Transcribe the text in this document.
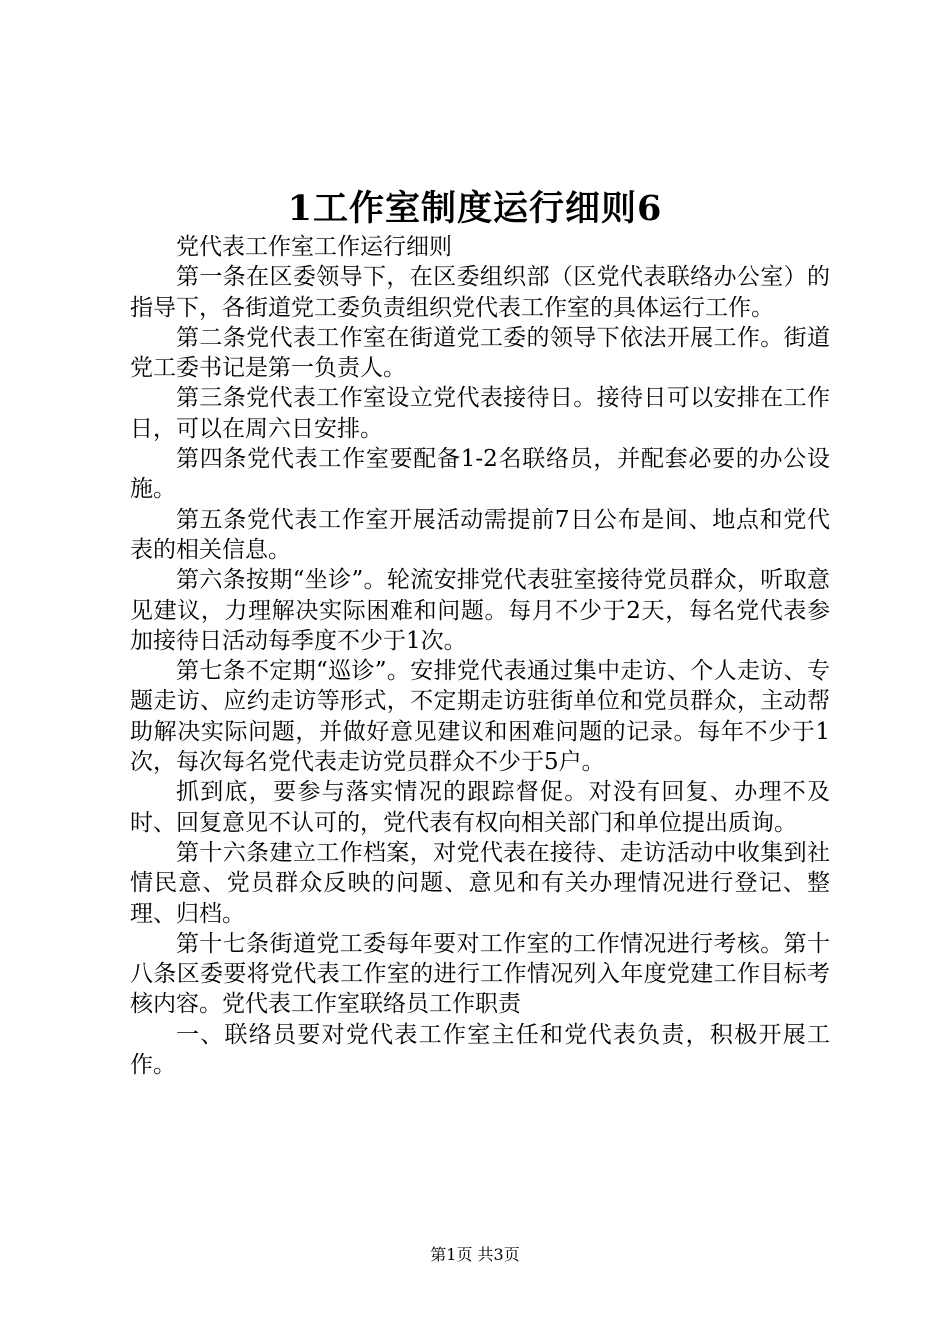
1工作室制度运行细则6

党代表工作室工作运行细则

第一条在区委领导下，在区委组织部（区党代表联络办公室）的指导下，各街道党工委负责组织党代表工作室的具体运行工作。

第二条党代表工作室在街道党工委的领导下依法开展工作。街道党工委书记是第一负责人。

第三条党代表工作室设立党代表接待日。接待日可以安排在工作日，可以在周六日安排。

第四条党代表工作室要配备1-2名联络员，并配套必要的办公设施。

第五条党代表工作室开展活动需提前7日公布是间、地点和党代表的相关信息。

第六条按期“坐诊”。轮流安排党代表驻室接待党员群众，听取意见建议，力理解决实际困难和问题。每月不少于2天，每名党代表参加接待日活动每季度不少于1次。

第七条不定期“巡诊”。安排党代表通过集中走访、个人走访、专题走访、应约走访等形式，不定期走访驻街单位和党员群众，主动帮助解决实际问题，并做好意见建议和困难问题的记录。每年不少于1次，每次每名党代表走访党员群众不少于5户。

抓到底，要参与落实情况的跟踪督促。对没有回复、办理不及时、回复意见不认可的，党代表有权向相关部门和单位提出质询。

第十六条建立工作档案，对党代表在接待、走访活动中收集到社情民意、党员群众反映的问题、意见和有关办理情况进行登记、整理、归档。

第十七条街道党工委每年要对工作室的工作情况进行考核。第十八条区委要将党代表工作室的进行工作情况列入年度党建工作目标考核内容。党代表工作室联络员工作职责

一、联络员要对党代表工作室主任和党代表负责，积极开展工作。

第1页 共3页
